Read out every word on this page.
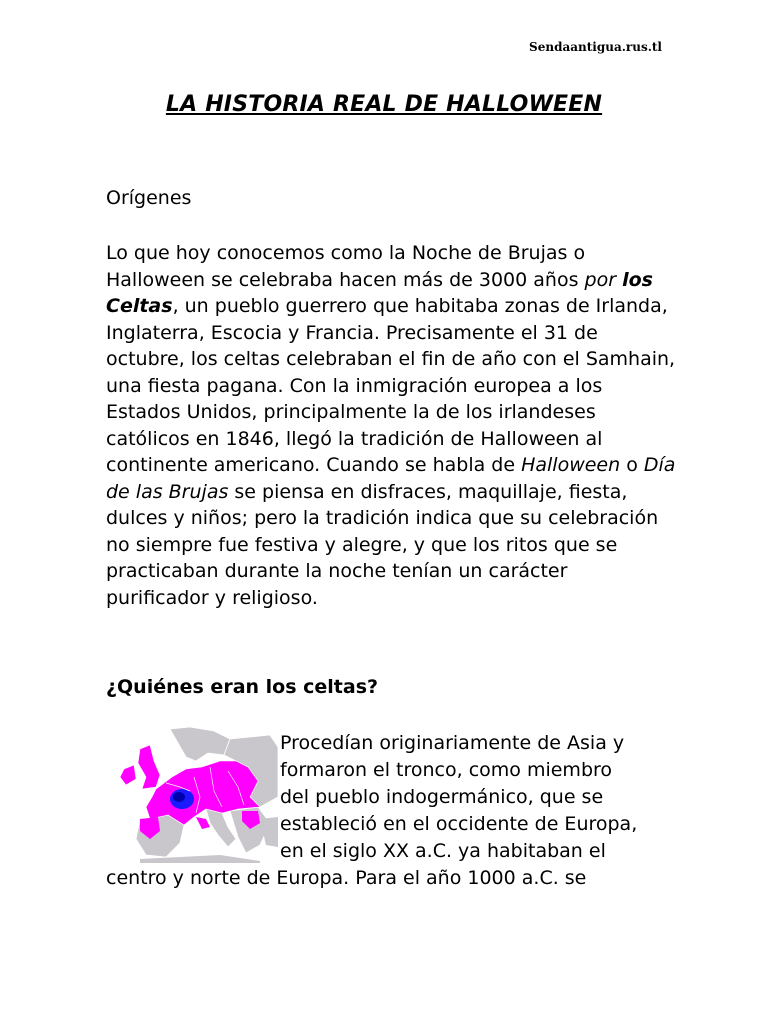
Sendaantigua.rus.tl
LA HISTORIA REAL DE HALLOWEEN
Orígenes

Lo que hoy conocemos como la Noche de Brujas o Halloween se celebraba hacen más de 3000 años por los Celtas, un pueblo guerrero que habitaba zonas de Irlanda, Inglaterra, Escocia y Francia. Precisamente el 31 de octubre, los celtas celebraban el fin de año con el Samhain, una fiesta pagana. Con la inmigración europea a los Estados Unidos, principalmente la de los irlandeses católicos en 1846, llegó la tradición de Halloween al continente americano. Cuando se habla de Halloween o Día de las Brujas se piensa en disfraces, maquillaje, fiesta, dulces y niños; pero la tradición indica que su celebración no siempre fue festiva y alegre, y que los ritos que se practicaban durante la noche tenían un carácter purificador y religioso.

¿Quiénes eran los celtas?
Procedían originariamente de Asia y
formaron el tronco, como miembro
del pueblo indogermánico, que se
estableció en el occidente de Europa,
en el siglo XX a.C. ya habitaban el
centro y norte de Europa. Para el año 1000 a.C. se
